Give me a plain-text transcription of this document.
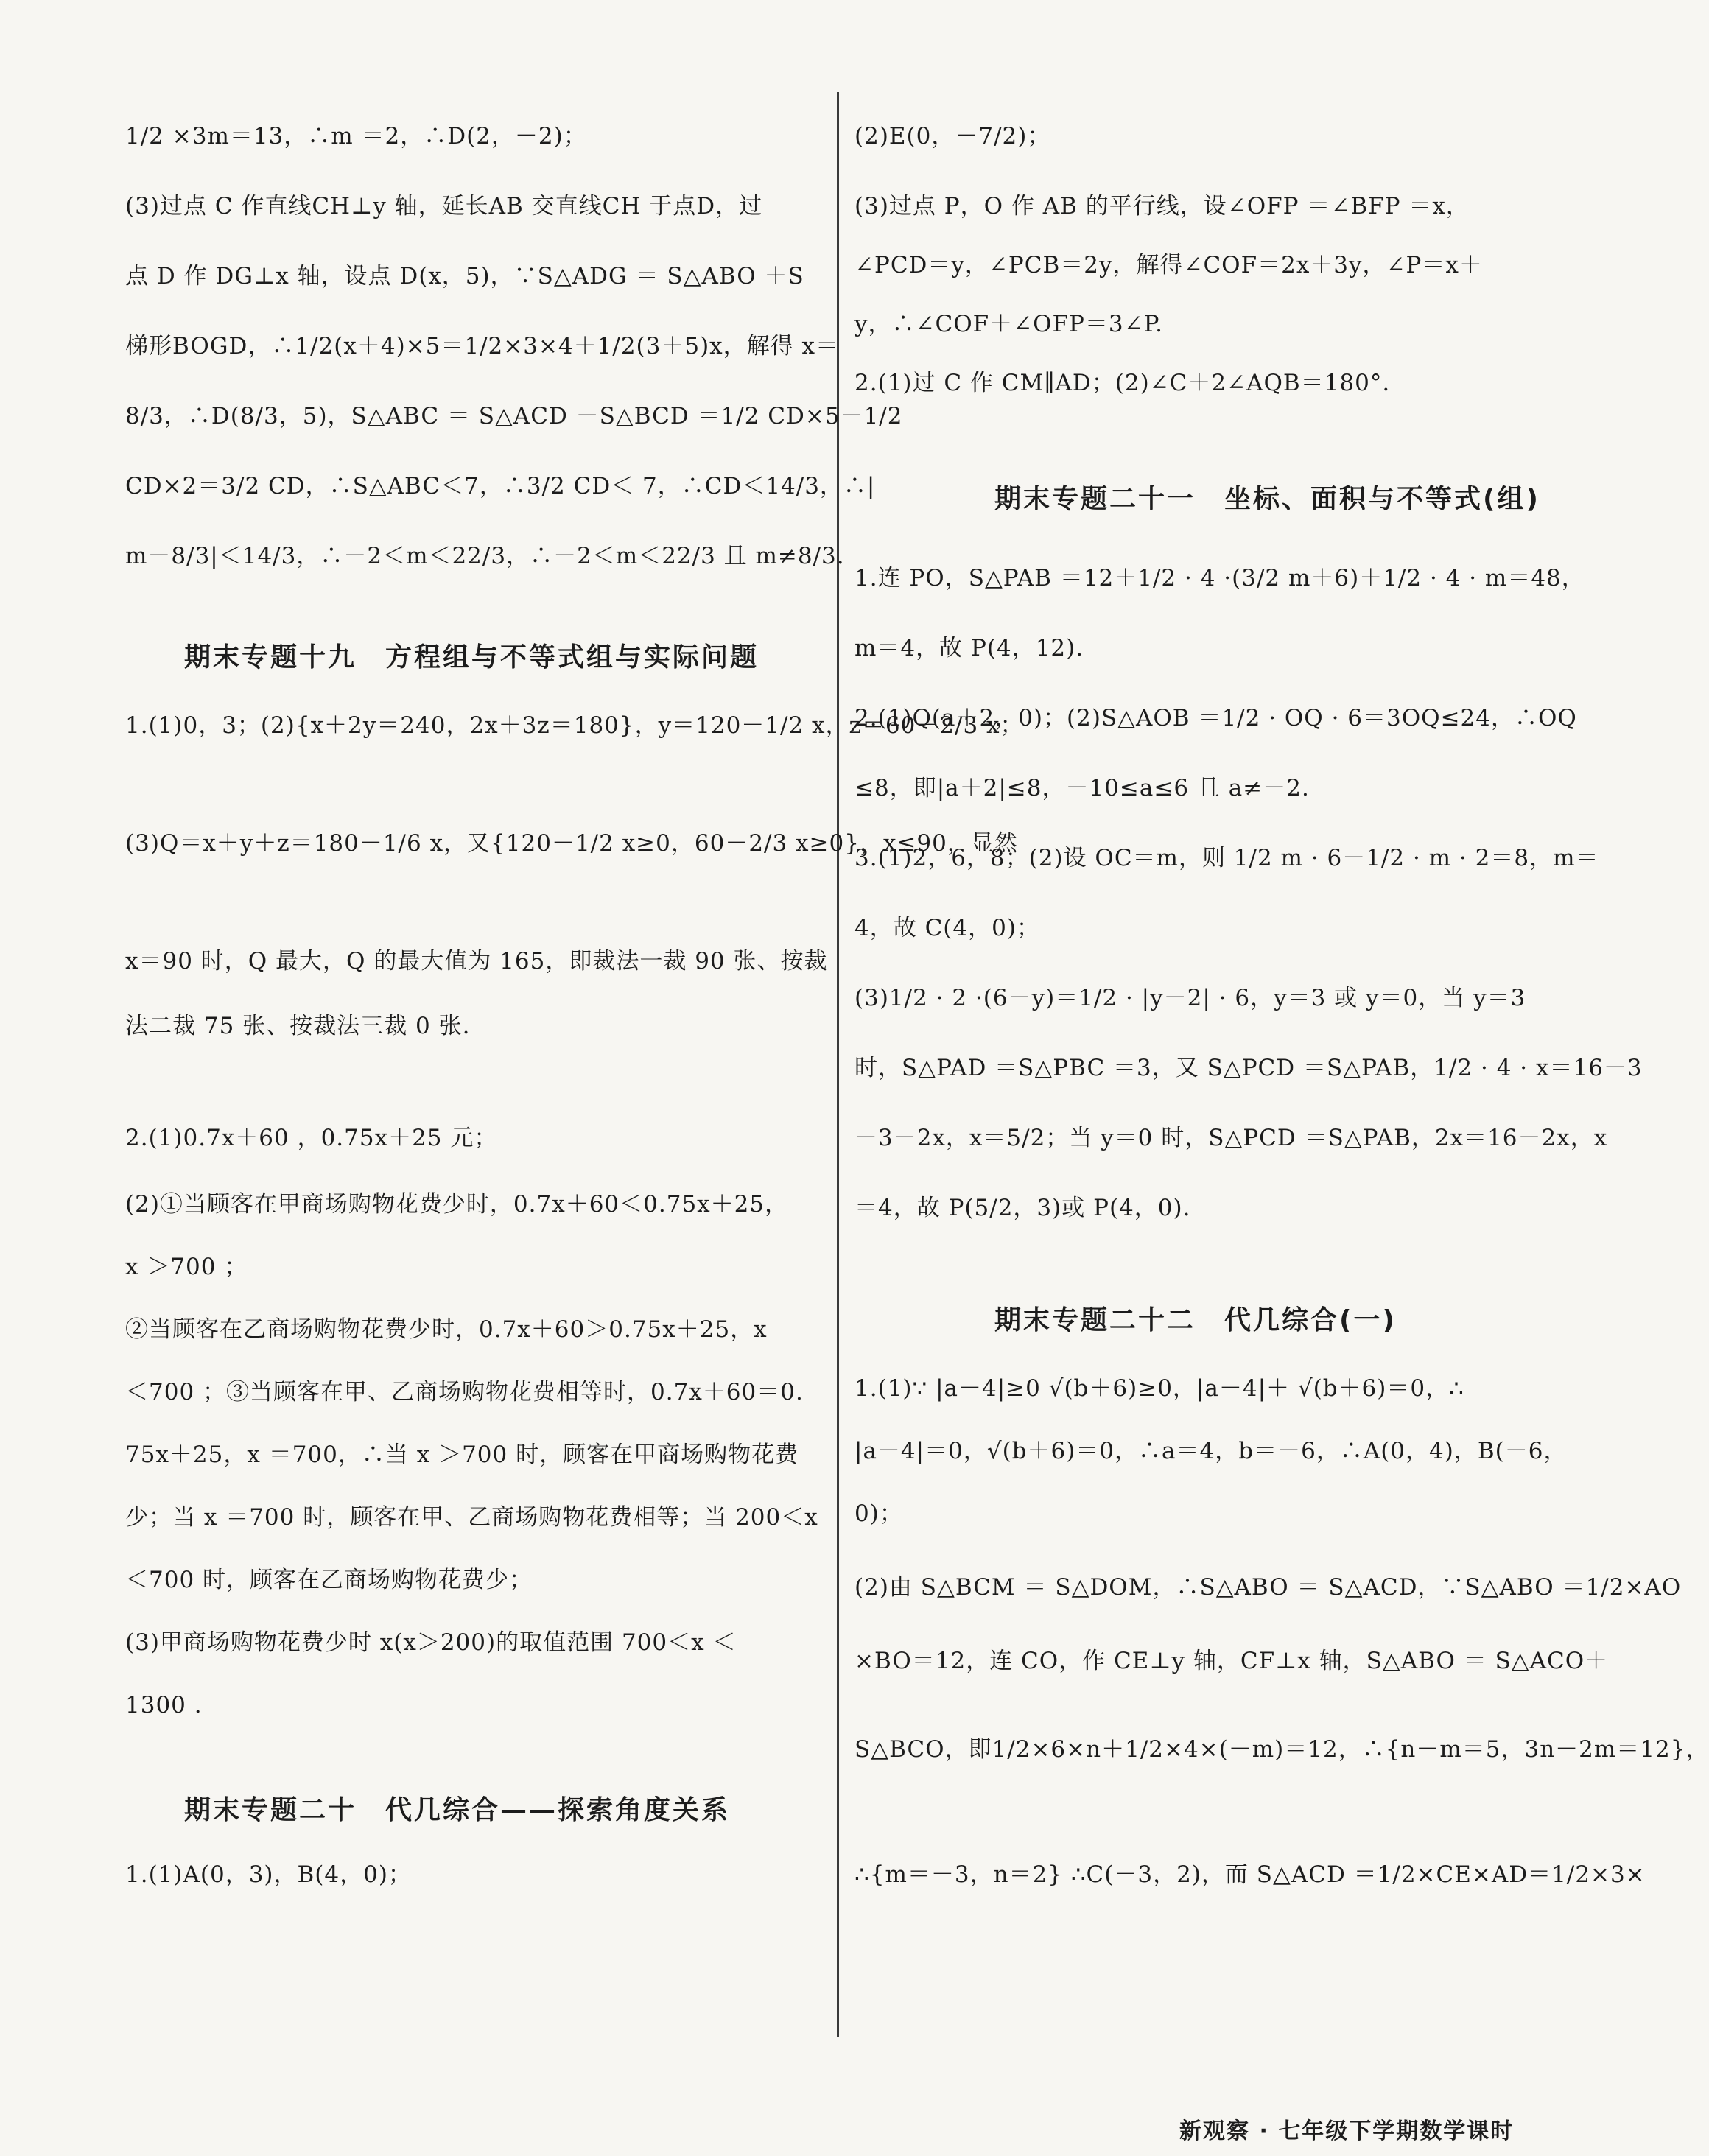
1/2 ×3m＝13，∴m ＝2，∴D(2，－2)；
(3)过点 C 作直线CH⊥y 轴，延长AB 交直线CH 于点D，过
点 D 作 DG⊥x 轴，设点 D(x，5)，∵S△ADG ＝ S△ABO ＋S
梯形BOGD，∴1/2(x＋4)×5＝1/2×3×4＋1/2(3＋5)x，解得 x＝
8/3，∴D(8/3，5)，S△ABC ＝ S△ACD －S△BCD ＝1/2 CD×5－1/2
CD×2＝3/2 CD，∴S△ABC＜7，∴3/2 CD＜ 7，∴CD＜14/3，∴|
m－8/3|＜14/3，∴－2＜m＜22/3，∴－2＜m＜22/3 且 m≠8/3.
期末专题十九　方程组与不等式组与实际问题
1.(1)0，3；(2){x＋2y＝240，2x＋3z＝180}，y＝120－1/2 x，z＝60－2/3 x；
(3)Q＝x＋y＋z＝180－1/6 x，又{120－1/2 x≥0，60－2/3 x≥0}，x≤90，显然
x＝90 时，Q 最大，Q 的最大值为 165，即裁法一裁 90 张、按裁
法二裁 75 张、按裁法三裁 0 张.
2.(1)0.7x＋60 ，0.75x＋25 元；
(2)①当顾客在甲商场购物花费少时，0.7x＋60＜0.75x＋25，
x ＞700 ；
②当顾客在乙商场购物花费少时，0.7x＋60＞0.75x＋25，x
＜700 ；③当顾客在甲、乙商场购物花费相等时，0.7x＋60＝0.
75x＋25，x ＝700，∴当 x ＞700 时，顾客在甲商场购物花费
少；当 x ＝700 时，顾客在甲、乙商场购物花费相等；当 200＜x
＜700 时，顾客在乙商场购物花费少；
(3)甲商场购物花费少时 x(x＞200)的取值范围 700＜x ＜
1300 .
期末专题二十　代几综合——探索角度关系
1.(1)A(0，3)，B(4，0)；
(2)E(0，－7/2)；
(3)过点 P，O 作 AB 的平行线，设∠OFP ＝∠BFP ＝x，
∠PCD＝y，∠PCB＝2y，解得∠COF＝2x＋3y，∠P＝x＋
y，∴∠COF＋∠OFP＝3∠P.
2.(1)过 C 作 CM∥AD；(2)∠C＋2∠AQB＝180°.
期末专题二十一　坐标、面积与不等式(组)
1.连 PO，S△PAB ＝12＋1/2 · 4 ·(3/2 m＋6)＋1/2 · 4 · m＝48，
m＝4，故 P(4，12).
2.(1)Q(a＋2，0)；(2)S△AOB ＝1/2 · OQ · 6＝3OQ≤24，∴OQ
≤8，即|a＋2|≤8，－10≤a≤6 且 a≠－2.
3.(1)2，6，8；(2)设 OC＝m，则 1/2 m · 6－1/2 · m · 2＝8，m＝
4，故 C(4，0)；
(3)1/2 · 2 ·(6－y)＝1/2 · |y－2| · 6，y＝3 或 y＝0，当 y＝3
时，S△PAD ＝S△PBC ＝3，又 S△PCD ＝S△PAB，1/2 · 4 · x＝16－3
－3－2x，x＝5/2；当 y＝0 时，S△PCD ＝S△PAB，2x＝16－2x，x
＝4，故 P(5/2，3)或 P(4，0).
期末专题二十二　代几综合(一)
1.(1)∵ |a－4|≥0 √(b＋6)≥0，|a－4|＋ √(b＋6)＝0，∴
|a－4|＝0，√(b＋6)＝0，∴a＝4，b＝－6，∴A(0，4)，B(－6，
0)；
(2)由 S△BCM ＝ S△DOM，∴S△ABO ＝ S△ACD，∵S△ABO ＝1/2×AO
×BO＝12，连 CO，作 CE⊥y 轴，CF⊥x 轴，S△ABO ＝ S△ACO＋
S△BCO，即1/2×6×n＋1/2×4×(－m)＝12，∴{n－m＝5，3n－2m＝12}，
∴{m＝－3，n＝2} ∴C(－3，2)，而 S△ACD ＝1/2×CE×AD＝1/2×3×
新观察 · 七年级下学期数学课时
